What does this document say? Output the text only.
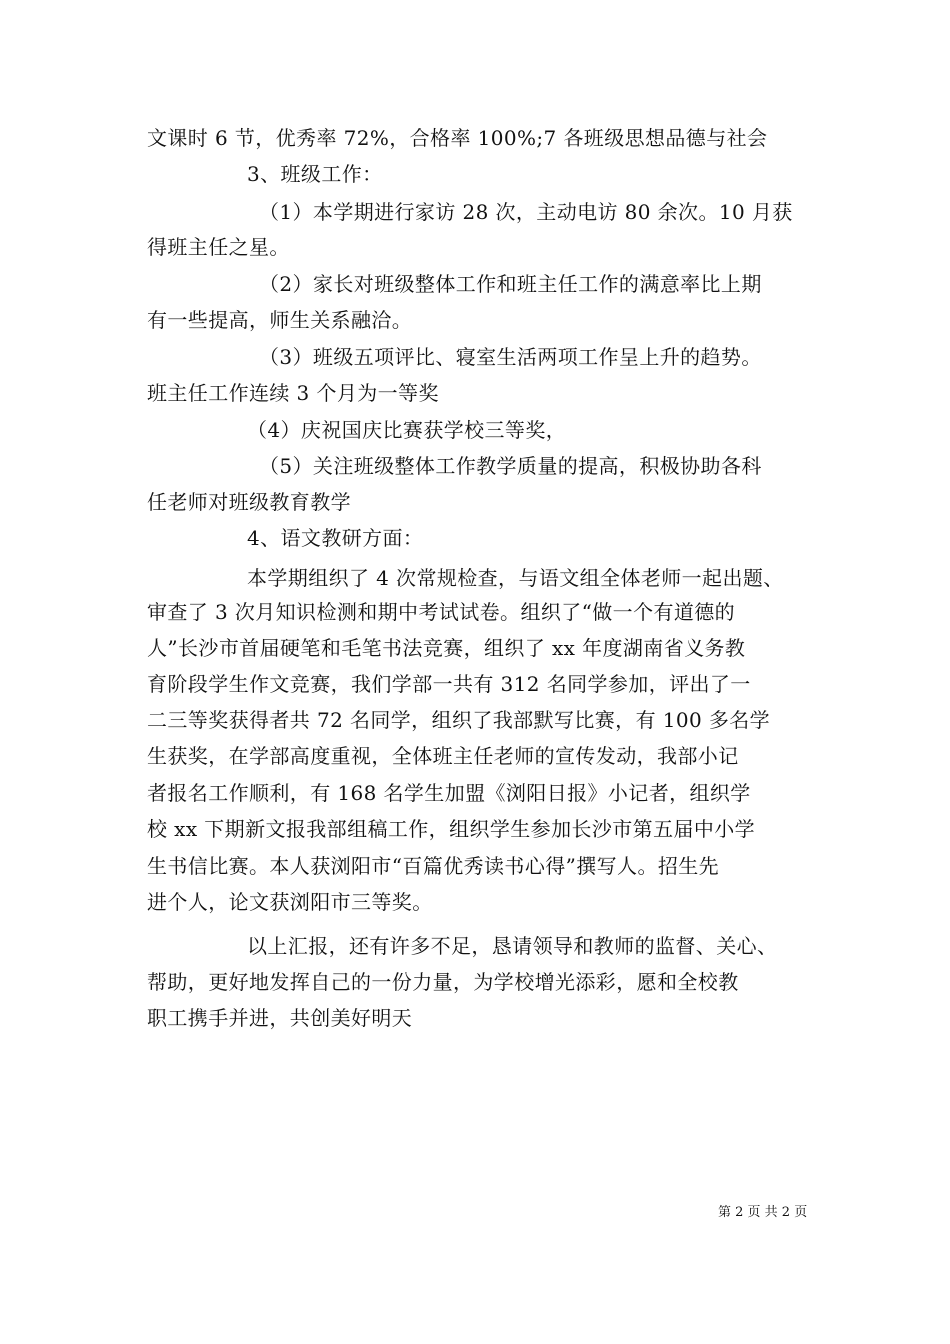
文课时 6 节，优秀率 72%，合格率 100%;7 各班级思想品德与社会
3、班级工作：
（1）本学期进行家访 28 次，主动电访 80 余次。10 月获
得班主任之星。
（2）家长对班级整体工作和班主任工作的满意率比上期
有一些提高，师生关系融洽。
（3）班级五项评比、寝室生活两项工作呈上升的趋势。
班主任工作连续 3 个月为一等奖
（4）庆祝国庆比赛获学校三等奖，
（5）关注班级整体工作教学质量的提高，积极协助各科
任老师对班级教育教学
4、语文教研方面：
本学期组织了 4 次常规检查，与语文组全体老师一起出题、
审查了 3 次月知识检测和期中考试试卷。组织了“做一个有道德的
人”长沙市首届硬笔和毛笔书法竞赛，组织了 xx 年度湖南省义务教
育阶段学生作文竞赛，我们学部一共有 312 名同学参加，评出了一
二三等奖获得者共 72 名同学，组织了我部默写比赛，有 100 多名学
生获奖，在学部高度重视，全体班主任老师的宣传发动，我部小记
者报名工作顺利，有 168 名学生加盟《浏阳日报》小记者，组织学
校 xx 下期新文报我部组稿工作，组织学生参加长沙市第五届中小学
生书信比赛。本人获浏阳市“百篇优秀读书心得”撰写人。招生先
进个人，论文获浏阳市三等奖。
以上汇报，还有许多不足，恳请领导和教师的监督、关心、
帮助，更好地发挥自己的一份力量，为学校增光添彩，愿和全校教
职工携手并进，共创美好明天
第 2 页 共 2 页
